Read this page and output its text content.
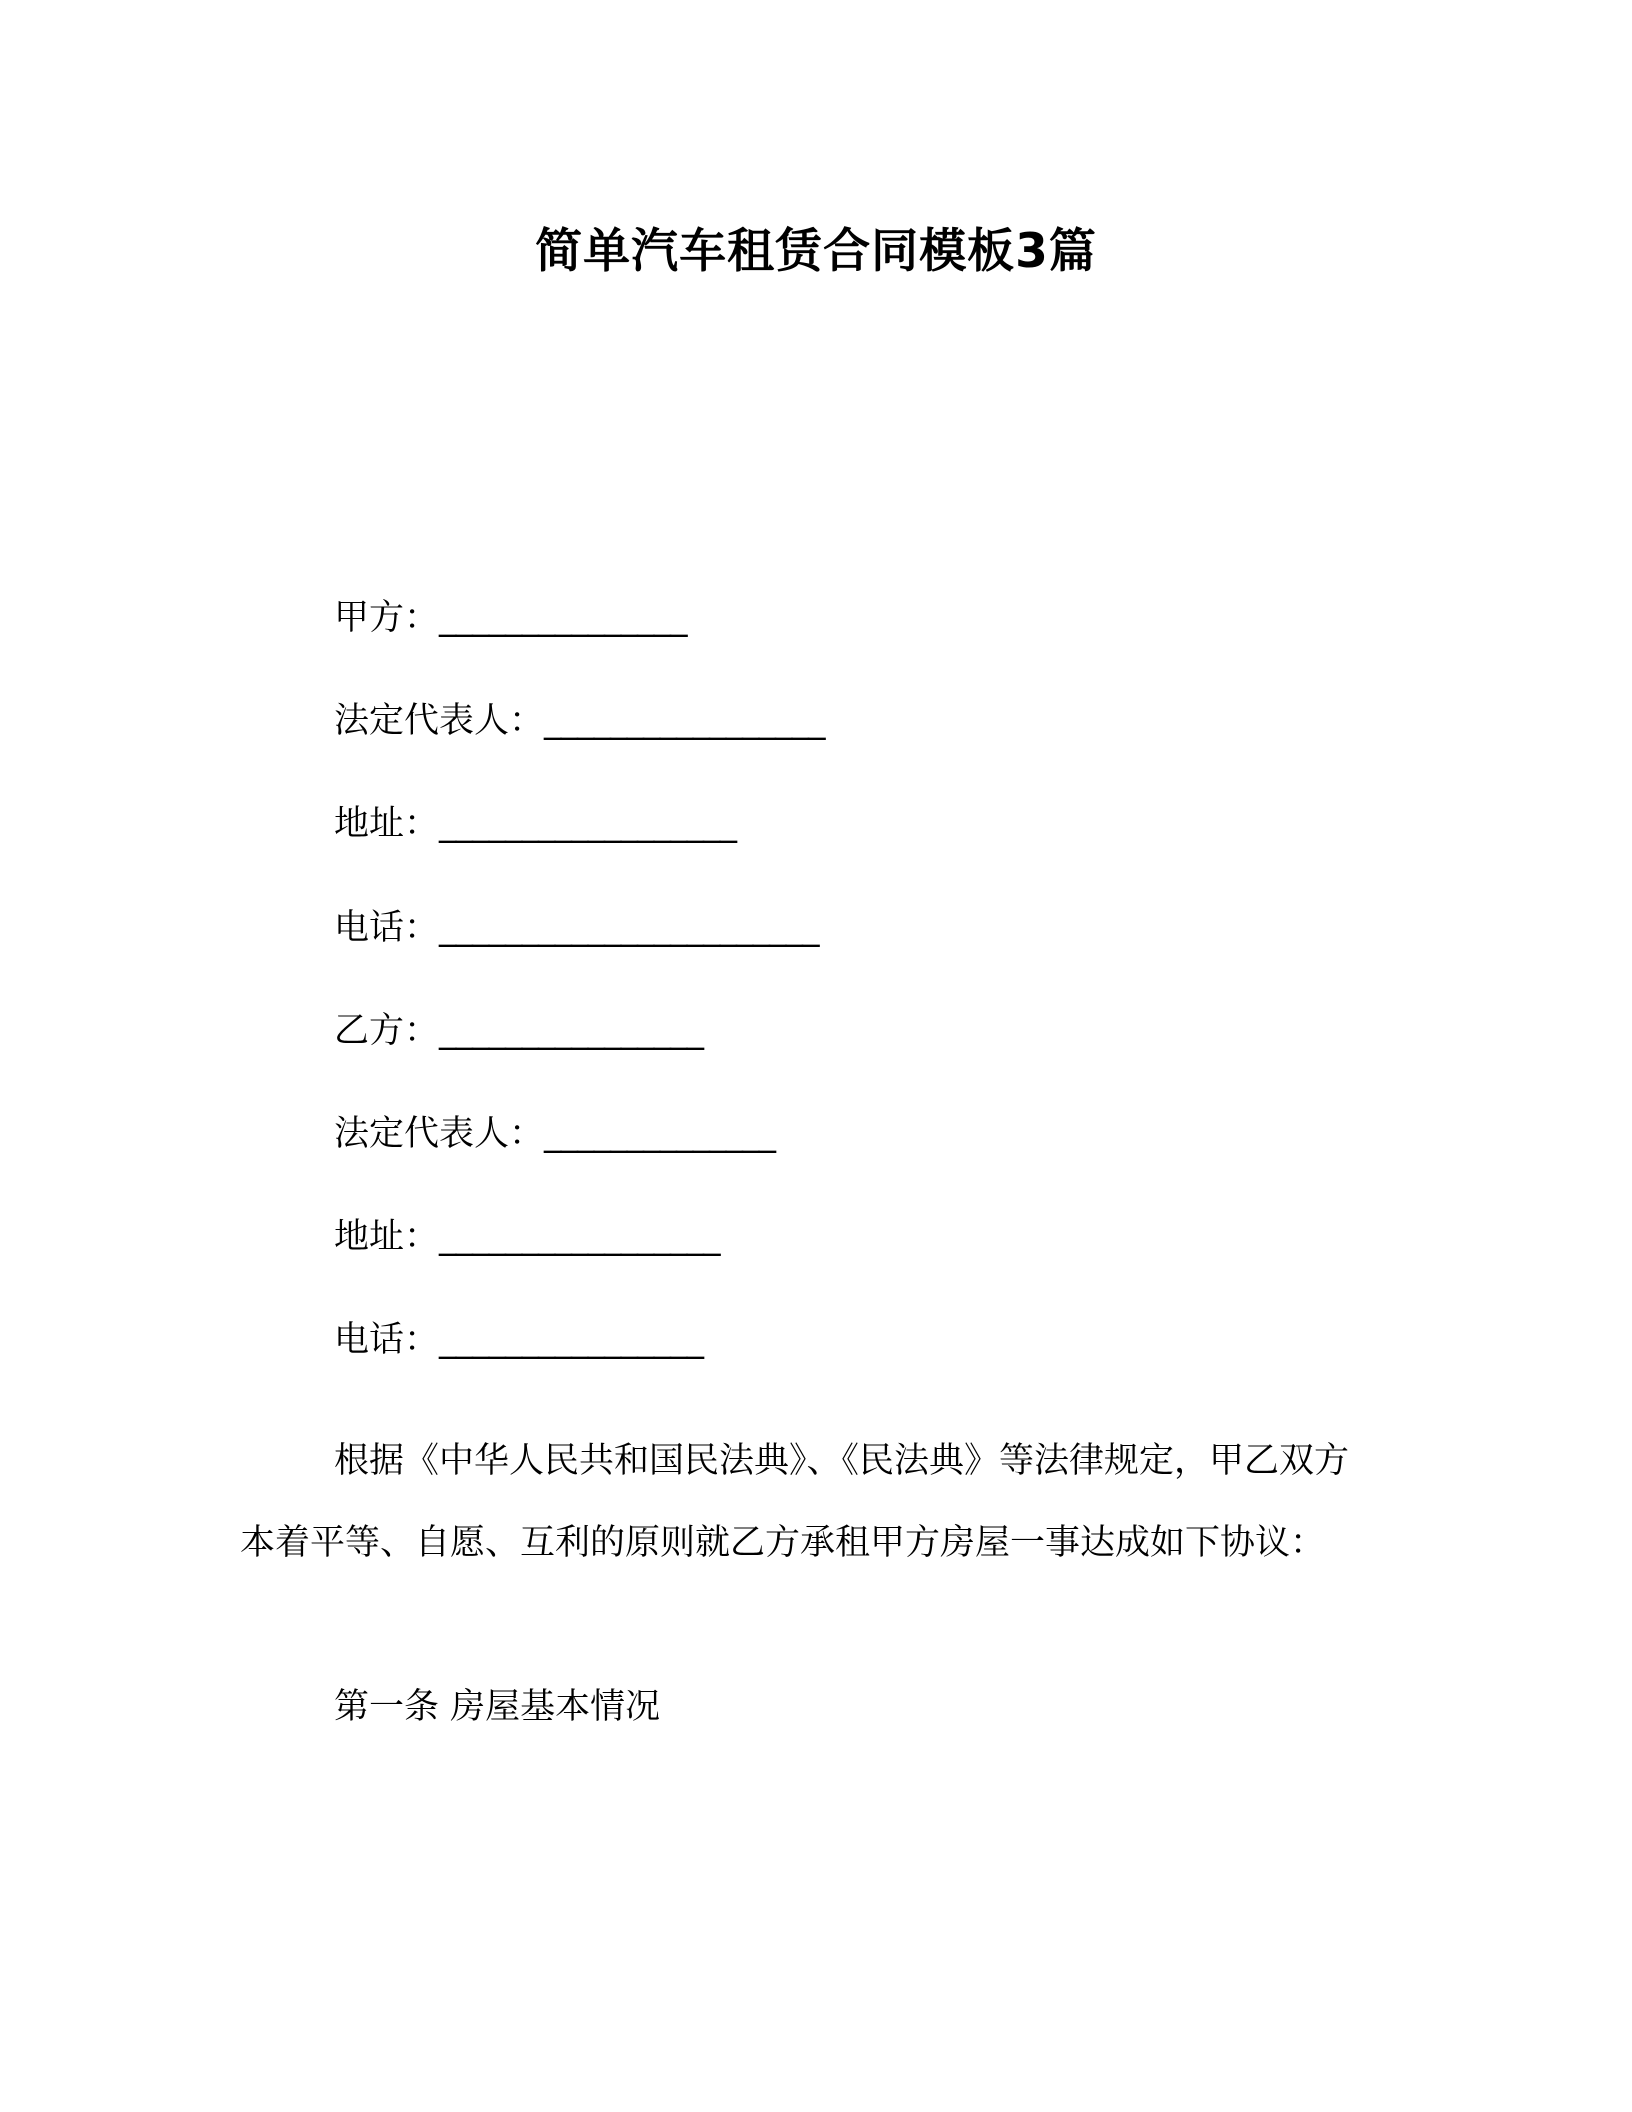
简单汽车租赁合同模板3篇

甲方：_______________

法定代表人：_________________

地址：__________________

电话：_______________________

乙方：________________

法定代表人：______________

地址：_________________

电话：________________

根据《中华人民共和国民法典》、《民法典》等法律规定，甲乙双方本着平等、自愿、互利的原则就乙方承租甲方房屋一事达成如下协议：

第一条 房屋基本情况
